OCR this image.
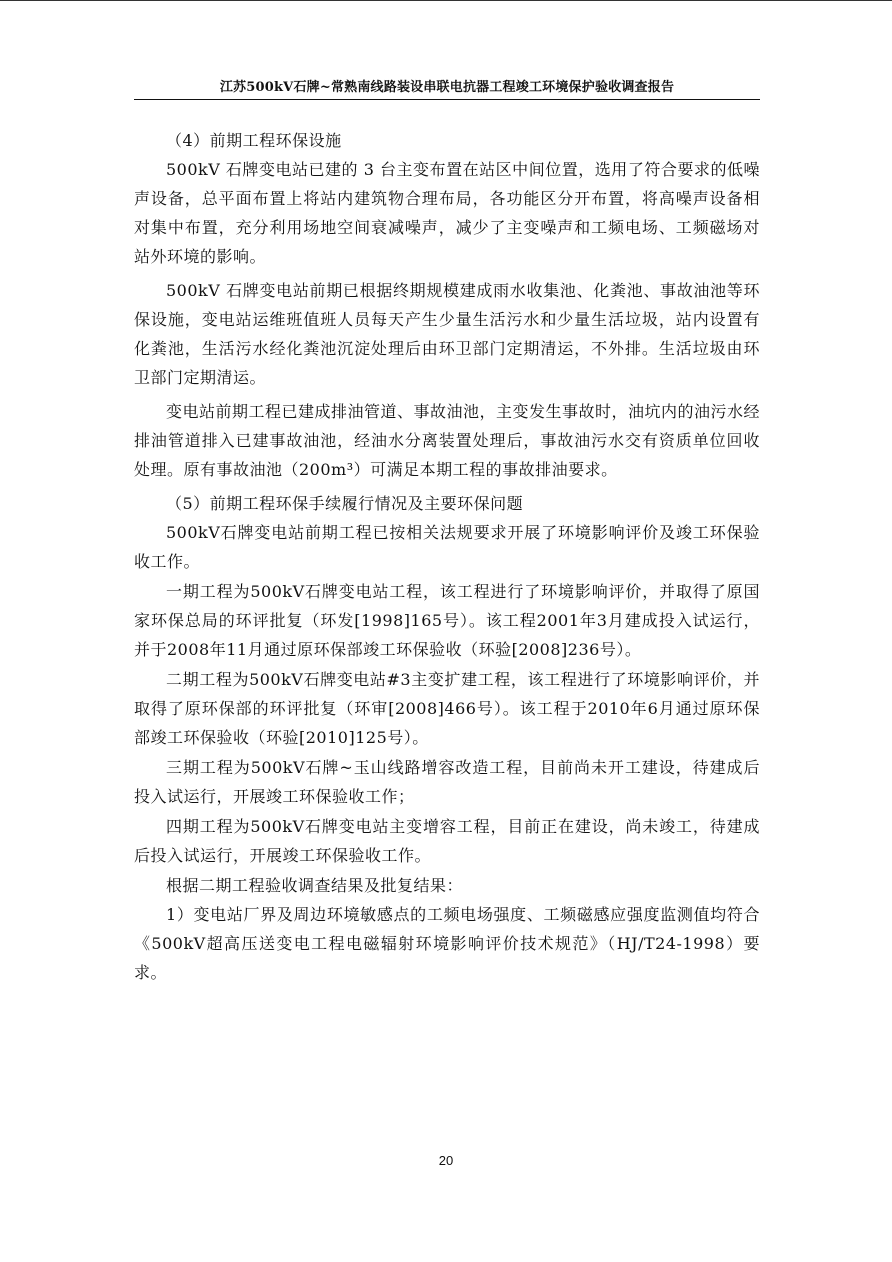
江苏500kV石牌~常熟南线路装设串联电抗器工程竣工环境保护验收调查报告

（4）前期工程环保设施

500kV 石牌变电站已建的 3 台主变布置在站区中间位置，选用了符合要求的低噪声设备，总平面布置上将站内建筑物合理布局，各功能区分开布置，将高噪声设备相对集中布置，充分利用场地空间衰减噪声，减少了主变噪声和工频电场、工频磁场对站外环境的影响。

500kV 石牌变电站前期已根据终期规模建成雨水收集池、化粪池、事故油池等环保设施，变电站运维班值班人员每天产生少量生活污水和少量生活垃圾，站内设置有化粪池，生活污水经化粪池沉淀处理后由环卫部门定期清运，不外排。生活垃圾由环卫部门定期清运。

变电站前期工程已建成排油管道、事故油池，主变发生事故时，油坑内的油污水经排油管道排入已建事故油池，经油水分离装置处理后，事故油污水交有资质单位回收处理。原有事故油池（200m³）可满足本期工程的事故排油要求。

（5）前期工程环保手续履行情况及主要环保问题

500kV石牌变电站前期工程已按相关法规要求开展了环境影响评价及竣工环保验收工作。

一期工程为500kV石牌变电站工程，该工程进行了环境影响评价，并取得了原国家环保总局的环评批复（环发[1998]165号）。该工程2001年3月建成投入试运行，并于2008年11月通过原环保部竣工环保验收（环验[2008]236号）。

二期工程为500kV石牌变电站#3主变扩建工程，该工程进行了环境影响评价，并取得了原环保部的环评批复（环审[2008]466号）。该工程于2010年6月通过原环保部竣工环保验收（环验[2010]125号）。

三期工程为500kV石牌~玉山线路增容改造工程，目前尚未开工建设，待建成后投入试运行，开展竣工环保验收工作；

四期工程为500kV石牌变电站主变增容工程，目前正在建设，尚未竣工，待建成后投入试运行，开展竣工环保验收工作。

根据二期工程验收调查结果及批复结果：

1）变电站厂界及周边环境敏感点的工频电场强度、工频磁感应强度监测值均符合《500kV超高压送变电工程电磁辐射环境影响评价技术规范》（HJ/T24-1998）要求。

20
